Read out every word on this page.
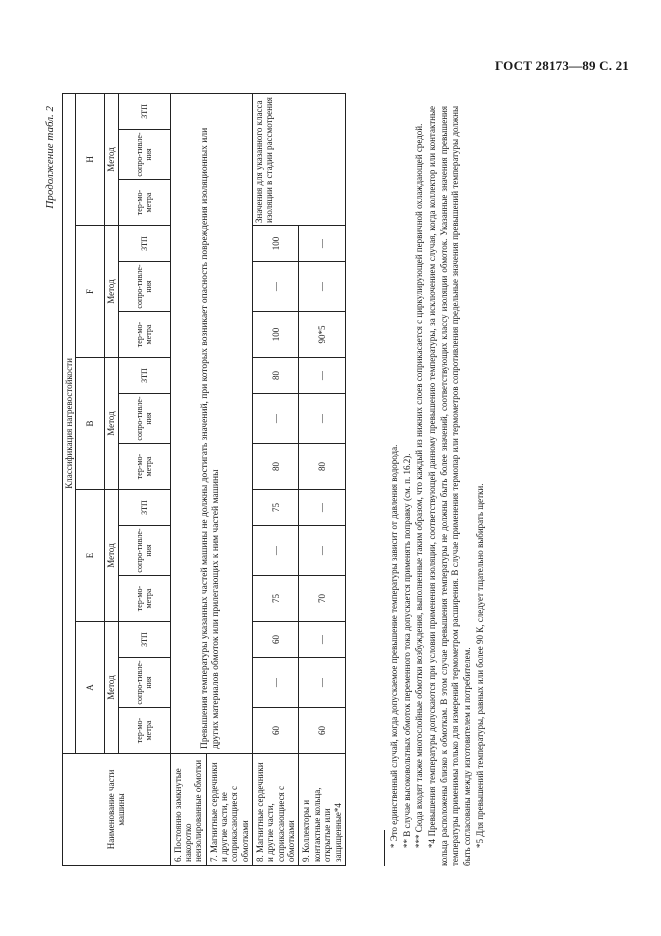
ГОСТ 28173—89 С. 21
Продолжение табл. 2
Наименование части машины	Классификация нагревостойкости														
	A			E			B			F			H		
	Метод			Метод			Метод			Метод			Метод		
	тер-мо-метра	сопро-тивле-ния	ЗТП	тер-мо-метра	сопро-тивле-ния	ЗТП	тер-мо-метра	сопро-тивле-ния	ЗТП	тер-мо-метра	сопро-тивле-ния	ЗТП	тер-мо-метра	сопро-тивле-ния	ЗТП
6. Постоянно замкнутые накоротко неизолированные обмотки	Превышения температуры указанных частей машины не должны достигать значений, при которых возникает опасность повреждения изоляционных или других материалов обмоток или прилегающих к ним частей машины														
7. Магнитные сердечники и другие части, не соприкасающиеся с обмотками															
8. Магнитные сердечники и другие части, соприкасающиеся с обмотками	60	—	60	75	—	75	80	—	80	100	—	100	Значения для указанного класса изоляции в стадии рассмотрения		
9. Коллекторы и контактные кольца, открытые или защищенные*4	60	—	—	70	—	—	80	—	—	90*5	—	—			

* Это единственный случай, когда допускаемое превышение температуры зависит от давления водорода. ** В случае высоковольтных обмоток переменного тока допускается применять поправку (см. п. 16.2). *** Сюда входят также многослойные обмотки возбуждения, выполненные таким образом, что каждый из нижних слоев соприкасается с циркулирующей первичной охлаждающей средой. *4 Превышения температуры допускаются при условии применения изоляции, соответствующей данному превышению температуры, за исключением случая, когда коллектор или контактные кольца расположены близко к обмоткам. В этом случае превышения температуры не должны быть более значений, соответствующих классу изоляции обмоток. Указанные значения превышения температуры применимы только для измерений термометром расширения. В случае применения термопар или термометров сопротивления предельные значения превышений температуры должны быть согласованы между изготовителем и потребителем. *5 Для превышений температуры, равных или более 90 К, следует тщательно выбирать щетки.
